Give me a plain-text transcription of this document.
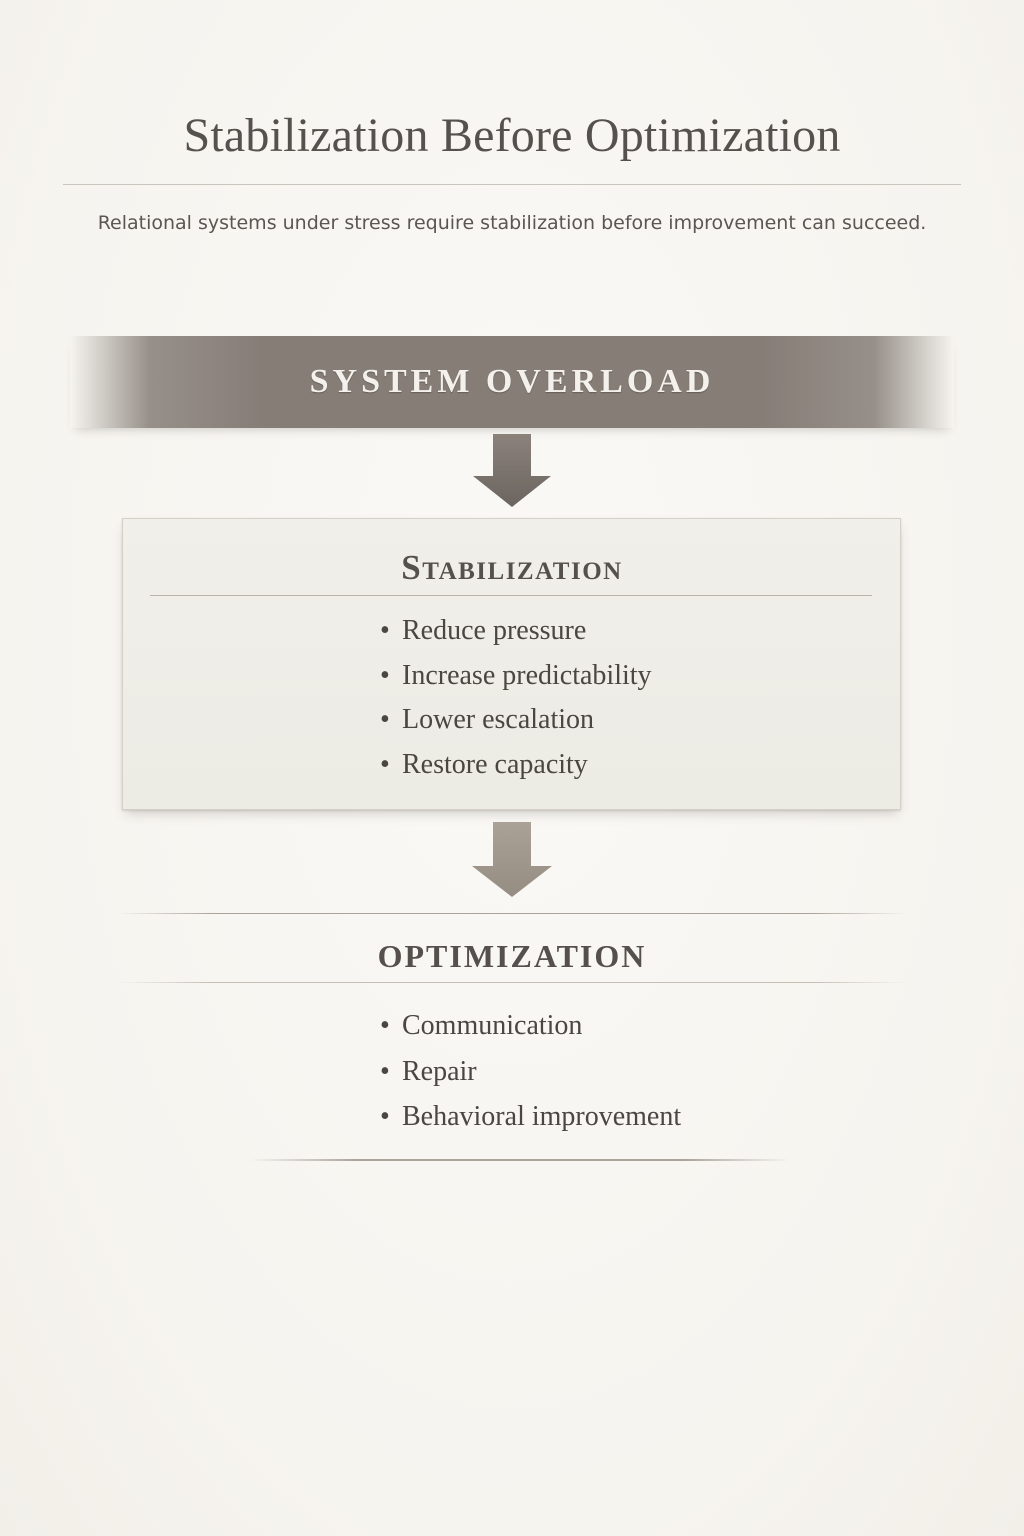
Stabilization Before Optimization
Relational systems under stress require stabilization before improvement can succeed.
SYSTEM OVERLOAD
Stabilization
• Reduce pressure
• Increase predictability
• Lower escalation
• Restore capacity
OPTIMIZATION
• Communication
• Repair
• Behavioral improvement
